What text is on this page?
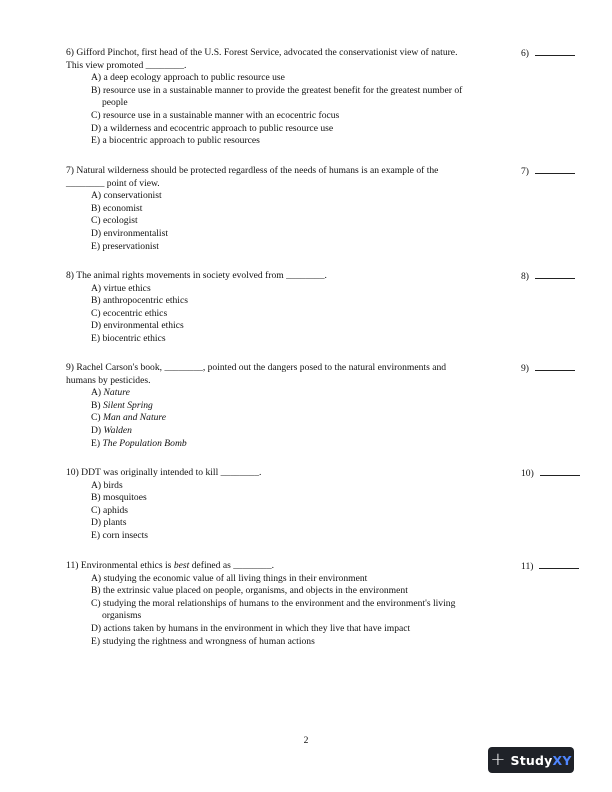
6) Gifford Pinchot, first head of the U.S. Forest Service, advocated the conservationist view of nature.
This view promoted ________.
6)
A) a deep ecology approach to public resource use
B) resource use in a sustainable manner to provide the greatest benefit for the greatest number of
people
C) resource use in a sustainable manner with an ecocentric focus
D) a wilderness and ecocentric approach to public resource use
E) a biocentric approach to public resources
7) Natural wilderness should be protected regardless of the needs of humans is an example of the
________ point of view.
7)
A) conservationist
B) economist
C) ecologist
D) environmentalist
E) preservationist
8) The animal rights movements in society evolved from ________.	8)
A) virtue ethics
B) anthropocentric ethics
C) ecocentric ethics
D) environmental ethics
E) biocentric ethics
9) Rachel Carson's book, ________, pointed out the dangers posed to the natural environments and
humans by pesticides.
9)
A) Nature
B) Silent Spring
C) Man and Nature
D) Walden
E) The Population Bomb
10) DDT was originally intended to kill ________.	10)
A) birds
B) mosquitoes
C) aphids
D) plants
E) corn insects
11) Environmental ethics is best defined as ________.	11)
A) studying the economic value of all living things in their environment
B) the extrinsic value placed on people, organisms, and objects in the environment
C) studying the moral relationships of humans to the environment and the environment's living
organisms
D) actions taken by humans in the environment in which they live that have impact
E) studying the rightness and wrongness of human actions
2
+ StudyXY
